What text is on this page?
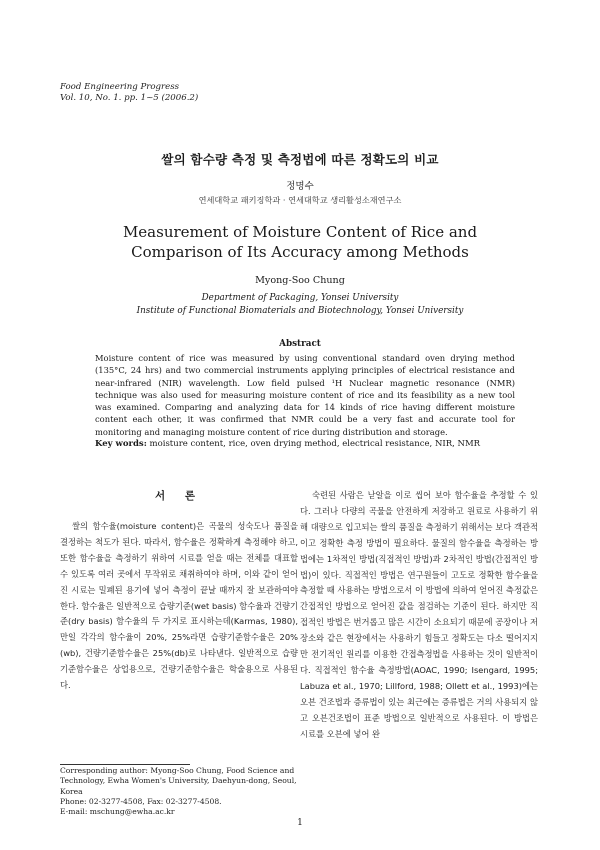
Food Engineering Progress
Vol. 10, No. 1. pp. 1~5 (2006.2)
쌀의 함수량 측정 및 측정법에 따른 정확도의 비교
정명수
연세대학교 패키징학과 · 연세대학교 생리활성소재연구소
Measurement of Moisture Content of Rice and Comparison of Its Accuracy among Methods
Myong-Soo Chung
Department of Packaging, Yonsei University
Institute of Functional Biomaterials and Biotechnology, Yonsei University
Abstract
Moisture content of rice was measured by using conventional standard oven drying method (135°C, 24 hrs) and two commercial instruments applying principles of electrical resistance and near-infrared (NIR) wavelength. Low field pulsed ¹H Nuclear magnetic resonance (NMR) technique was also used for measuring moisture content of rice and its feasibility as a new tool was examined. Comparing and analyzing data for 14 kinds of rice having different moisture content each other, it was confirmed that NMR could be a very fast and accurate tool for monitoring and managing moisture content of rice during distribution and storage.
Key words: moisture content, rice, oven drying method, electrical resistance, NIR, NMR
서 론

쌀의 함수율(moisture content)은 곡물의 성숙도나 품질을 결정하는 척도가 된다. 따라서, 함수율은 정확하게 측정해야 하고, 또한 함수율을 측정하기 위하여 시료를 얻을 때는 전체를 대표할 수 있도록 여러 곳에서 무작위로 채취하여야 하며, 이와 같이 얻어진 시료는 밀폐된 용기에 넣어 측정이 끝날 때까지 잘 보관하여야 한다. 함수율은 일반적으로 습량기준(wet basis) 함수율과 건량기준(dry basis) 함수율의 두 가지로 표시하는데(Karmas, 1980), 만일 각각의 함수율이 20%, 25%라면 습량기준함수율은 20%(wb), 건량기준함수율은 25%(db)로 나타낸다. 일반적으로 습량기준함수율은 상업용으로, 건량기준함수율은 학술용으로 사용된다.

숙련된 사람은 낟알을 이로 씹어 보아 함수율을 추정할 수 있다. 그러나 다량의 곡물을 안전하게 저장하고 원료로 사용하기 위해 대량으로 입고되는 쌀의 품질을 측정하기 위해서는 보다 객관적이고 정확한 측정 방법이 필요하다. 물질의 함수율을 측정하는 방법에는 1차적인 방법(직접적인 방법)과 2차적인 방법(간접적인 방법)이 있다. 직접적인 방법은 연구원들이 고도로 정확한 함수율을 측정할 때 사용하는 방법으로서 이 방법에 의하여 얻어진 측정값은 간접적인 방법으로 얻어진 값을 점검하는 기준이 된다. 하지만 직접적인 방법은 번거롭고 많은 시간이 소요되기 때문에 공장이나 저장소와 같은 현장에서는 사용하기 힘들고 정확도는 다소 떨어지지만 전기적인 원리를 이용한 간접측정법을 사용하는 것이 일반적이다. 직접적인 함수율 측정방법(AOAC, 1990; Isengard, 1995; Labuza et al., 1970; Lillford, 1988; Ollett et al., 1993)에는 오븐 건조법과 증류법이 있는 최근에는 증류법은 거의 사용되지 않고 오븐건조법이 표준 방법으로 일반적으로 사용된다. 이 방법은 시료를 오븐에 넣어 완

Corresponding author: Myong-Soo Chung, Food Science and Technology, Ewha Women's University, Daehyun-dong, Seoul, Korea
Phone: 02-3277-4508, Fax: 02-3277-4508.
E-mail: mschung@ewha.ac.kr
1
